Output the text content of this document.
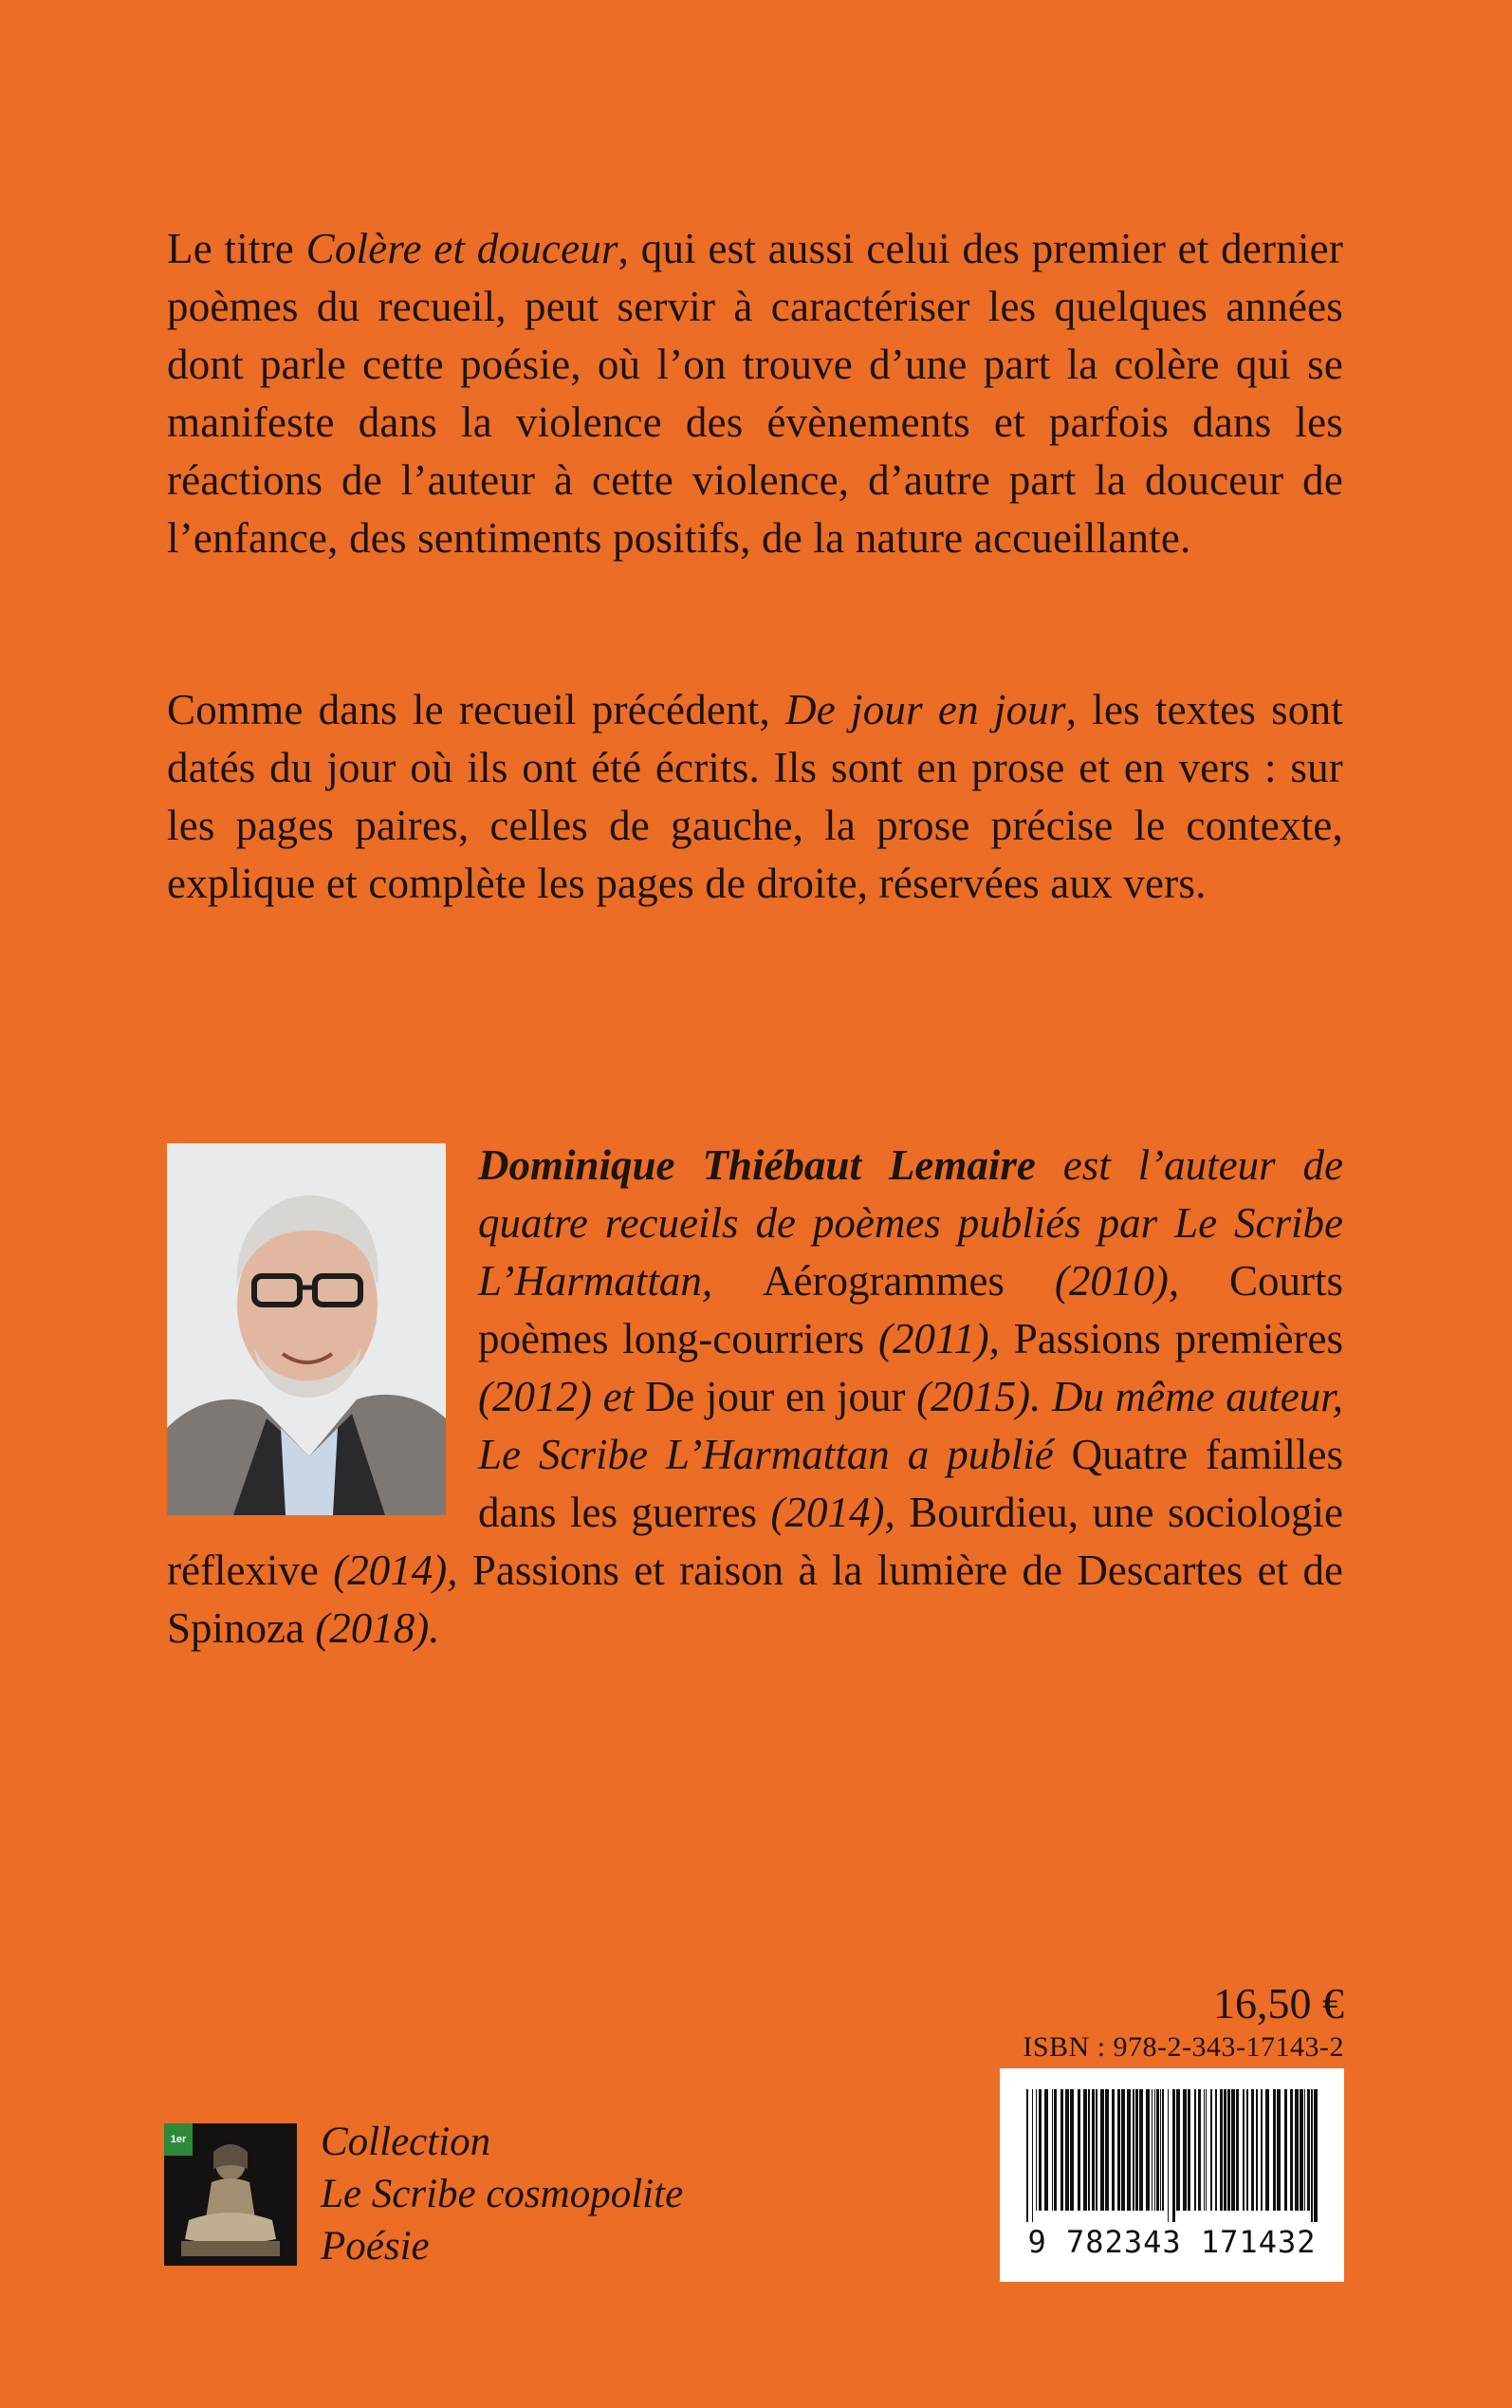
Le titre Colère et douceur, qui est aussi celui des premier et dernier poèmes du recueil, peut servir à caractériser les quelques années dont parle cette poésie, où l’on trouve d’une part la colère qui se manifeste dans la violence des évènements et parfois dans les réactions de l’auteur à cette violence, d’autre part la douceur de l’enfance, des sentiments positifs, de la nature accueillante.

Comme dans le recueil précédent, De jour en jour, les textes sont datés du jour où ils ont été écrits. Ils sont en prose et en vers : sur les pages paires, celles de gauche, la prose précise le contexte, explique et complète les pages de droite, réservées aux vers.

Dominique Thiébaut Lemaire est l’auteur de quatre recueils de poèmes publiés par Le Scribe L’Harmattan, Aérogrammes (2010), Courts poèmes long-courriers (2011), Passions premières (2012) et De jour en jour (2015). Du même auteur, Le Scribe L’Harmattan a publié Quatre familles dans les guerres (2014), Bourdieu, une sociologie réflexive (2014), Passions et raison à la lumière de Descartes et de Spinoza (2018).

16,50 €
ISBN : 978-2-343-17143-2
9 782343 171432
1er	Collection
Le Scribe cosmopolite
Poésie
